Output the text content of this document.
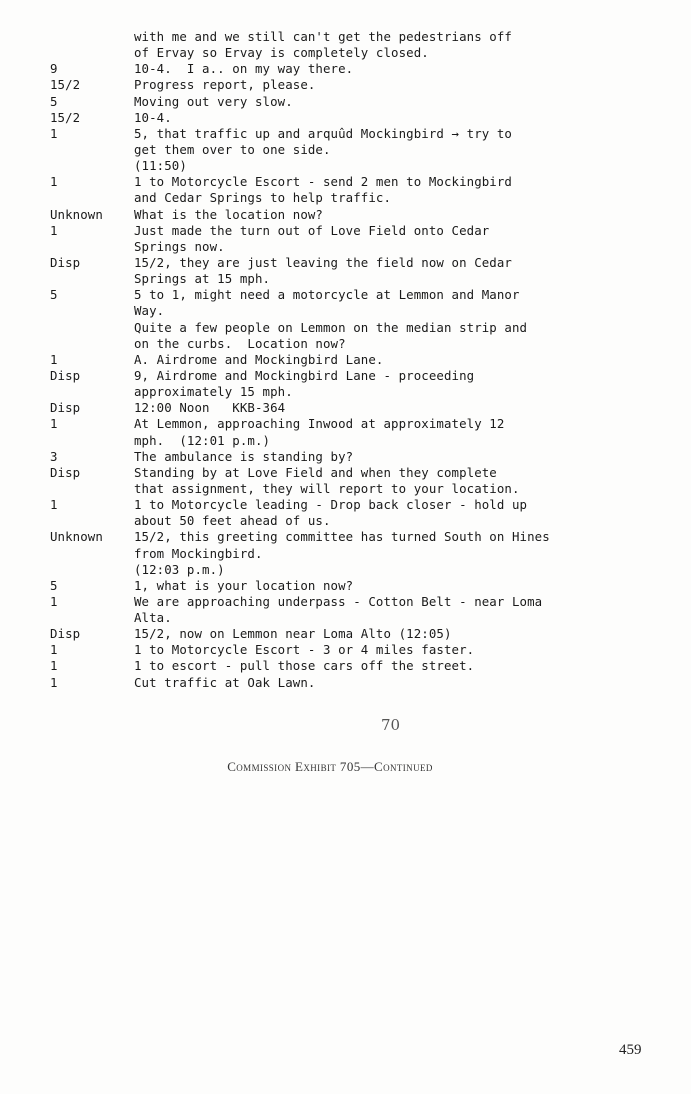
with me and we still can't get the pedestrians off
of Ervay so Ervay is completely closed.
9	10-4.  I a.. on my way there.
15/2	Progress report, please.
5	Moving out very slow.
15/2	10-4.
1	5, that traffic up and arquûd Mockingbird → try to
get them over to one side.
(11:50)
1	1 to Motorcycle Escort - send 2 men to Mockingbird
and Cedar Springs to help traffic.
Unknown	What is the location now?
1	Just made the turn out of Love Field onto Cedar
Springs now.
Disp	15/2, they are just leaving the field now on Cedar
Springs at 15 mph.
5	5 to 1, might need a motorcycle at Lemmon and Manor
Way.
Quite a few people on Lemmon on the median strip and
on the curbs.  Location now?
1	A. Airdrome and Mockingbird Lane.
Disp	9, Airdrome and Mockingbird Lane - proceeding
approximately 15 mph.
Disp	12:00 Noon   KKB-364
1	At Lemmon, approaching Inwood at approximately 12
mph.  (12:01 p.m.)
3	The ambulance is standing by?
Disp	Standing by at Love Field and when they complete
that assignment, they will report to your location.
1	1 to Motorcycle leading - Drop back closer - hold up
about 50 feet ahead of us.
Unknown	15/2, this greeting committee has turned South on Hines
from Mockingbird.
(12:03 p.m.)
5	1, what is your location now?
1	We are approaching underpass - Cotton Belt - near Loma
Alta.
Disp	15/2, now on Lemmon near Loma Alto (12:05)
1	1 to Motorcycle Escort - 3 or 4 miles faster.
1	1 to escort - pull those cars off the street.
1	Cut traffic at Oak Lawn.
70
Commission Exhibit 705—Continued
459
